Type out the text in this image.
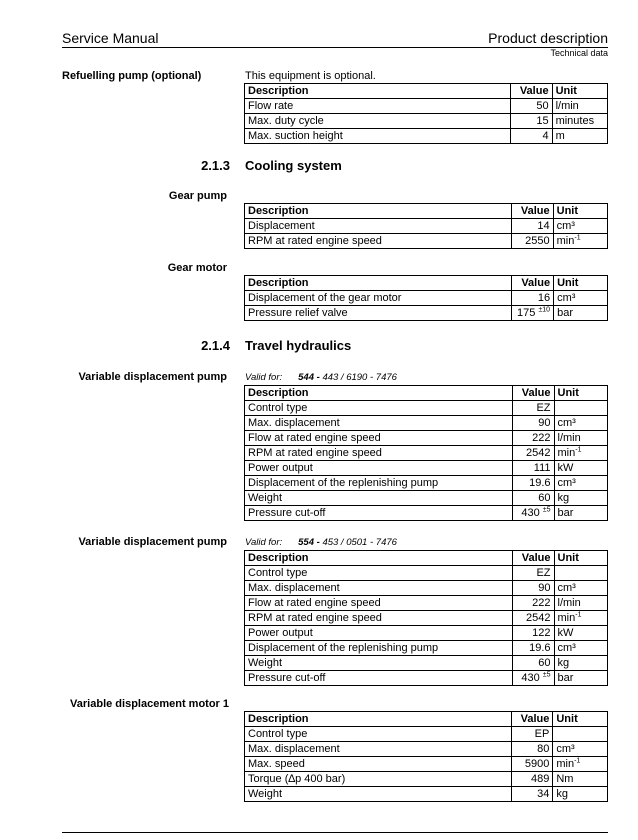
Service Manual	Product description
Technical data
Refuelling pump (optional)	This equipment is optional.
Description	Value	Unit
Flow rate	50	l/min
Max. duty cycle	15	minutes
Max. suction height	4	m
2.1.3 Cooling system
Gear pump
Description	Value	Unit
Displacement	14	cm³
RPM at rated engine speed	2550	$\min^{-1}$
Gear motor
Description	Value	Unit
Displacement of the gear motor	16	cm³
Pressure relief valve	175 $^{\pm 10}$	bar
2.1.4 Travel hydraulics
Variable displacement pump Valid for: 544 - 443 / 6190 - 7476
Description	Value	Unit
Control type	EZ	
Max. displacement	90	cm³
Flow at rated engine speed	222	l/min
RPM at rated engine speed	2542	$\min^{-1}$
Power output	111	kW
Displacement of the replenishing pump	19.6	cm³
Weight	60	kg
Pressure cut-off	430 $^{\pm 5}$	bar
Variable displacement pump Valid for: 554 - 453 / 0501 - 7476
Description	Value	Unit
Control type	EZ	
Max. displacement	90	cm³
Flow at rated engine speed	222	l/min
RPM at rated engine speed	2542	$\min^{-1}$
Power output	122	kW
Displacement of the replenishing pump	19.6	cm³
Weight	60	kg
Pressure cut-off	430 $^{\pm 5}$	bar
Variable displacement motor 1
Description	Value	Unit
Control type	EP	
Max. displacement	80	cm³
Max. speed	5900	$\min^{-1}$
Torque (∆p 400 bar)	489	Nm
Weight	34	kg
